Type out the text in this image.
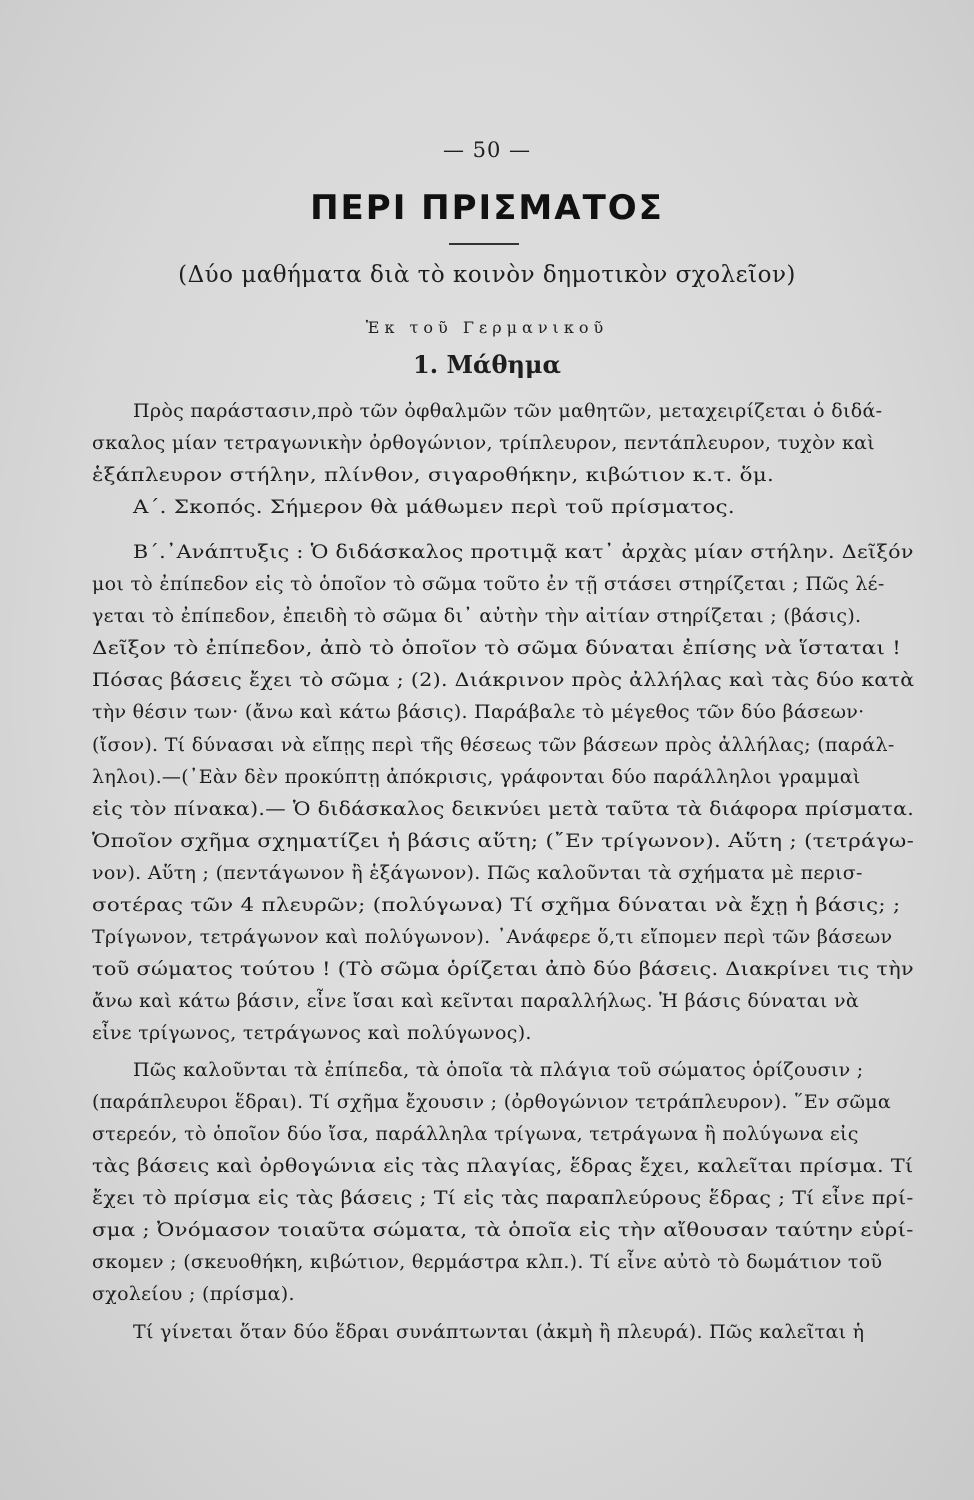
— 50 —
ΠΕΡΙ ΠΡΙΣΜΑΤΟΣ
(Δύο μαθήματα διὰ τὸ κοινὸν δημοτικὸν σχολεῖον)
Ἐκ τοῦ Γερμανικοῦ
1. Μάθημα
Πρὸς παράστασιν,πρὸ τῶν ὀφθαλμῶν τῶν μαθητῶν, μεταχειρίζεται ὁ διδά-
σκαλος μίαν τετραγωνικὴν ὀρθογώνιον, τρίπλευρον, πεντάπλευρον, τυχὸν καὶ
ἑξάπλευρον στήλην, πλίνθον, σιγαροθήκην, κιβώτιον κ.τ. ὅμ.
Α΄. Σκοπός. Σήμερον θὰ μάθωμεν περὶ τοῦ πρίσματος.
Β΄.᾿Ανάπτυξις : Ὁ διδάσκαλος προτιμᾷ κατ᾿ ἀρχὰς μίαν στήλην. Δεῖξόν
μοι τὸ ἐπίπεδον εἰς τὸ ὁποῖον τὸ σῶμα τοῦτο ἐν τῇ στάσει στηρίζεται ; Πῶς λέ-
γεται τὸ ἐπίπεδον, ἐπειδὴ τὸ σῶμα δι᾿ αὐτὴν τὴν αἰτίαν στηρίζεται ; (βάσις).
Δεῖξον τὸ ἐπίπεδον, ἀπὸ τὸ ὁποῖον τὸ σῶμα δύναται ἐπίσης νὰ ἵσταται !
Πόσας βάσεις ἔχει τὸ σῶμα ; (2). Διάκρινον πρὸς ἀλλήλας καὶ τὰς δύο κατὰ
τὴν θέσιν των· (ἄνω καὶ κάτω βάσις). Παράβαλε τὸ μέγεθος τῶν δύο βάσεων·
(ἴσον). Τί δύνασαι νὰ εἴπῃς περὶ τῆς θέσεως τῶν βάσεων πρὸς ἀλλήλας; (παράλ-
ληλοι).—(᾿Εὰν δὲν προκύπτῃ ἀπόκρισις, γράφονται δύο παράλληλοι γραμμαὶ
εἰς τὸν πίνακα).— Ὁ διδάσκαλος δεικνύει μετὰ ταῦτα τὰ διάφορα πρίσματα.
Ὁποῖον σχῆμα σχηματίζει ἡ βάσις αὕτη; (῎Εν τρίγωνον). Αὕτη ; (τετράγω-
νον). Αὕτη ; (πεντάγωνον ἢ ἑξάγωνον). Πῶς καλοῦνται τὰ σχήματα μὲ περισ-
σοτέρας τῶν 4 πλευρῶν; (πολύγωνα) Τί σχῆμα δύναται νὰ ἔχῃ ἡ βάσις; ;
Τρίγωνον, τετράγωνον καὶ πολύγωνον). ᾿Ανάφερε ὅ,τι εἴπομεν περὶ τῶν βάσεων
τοῦ σώματος τούτου ! (Τὸ σῶμα ὁρίζεται ἀπὸ δύο βάσεις. Διακρίνει τις τὴν
ἄνω καὶ κάτω βάσιν, εἶνε ἴσαι καὶ κεῖνται παραλλήλως. Ἡ βάσις δύναται νὰ
εἶνε τρίγωνος, τετράγωνος καὶ πολύγωνος).
Πῶς καλοῦνται τὰ ἐπίπεδα, τὰ ὁποῖα τὰ πλάγια τοῦ σώματος ὁρίζουσιν ;
(παράπλευροι ἕδραι). Τί σχῆμα ἔχουσιν ; (ὀρθογώνιον τετράπλευρον). ῞Εν σῶμα
στερεόν, τὸ ὁποῖον δύο ἴσα, παράλληλα τρίγωνα, τετράγωνα ἢ πολύγωνα εἰς
τὰς βάσεις καὶ ὀρθογώνια εἰς τὰς πλαγίας, ἕδρας ἔχει, καλεῖται πρίσμα. Τί
ἔχει τὸ πρίσμα εἰς τὰς βάσεις ; Τί εἰς τὰς παραπλεύρους ἕδρας ; Τί εἶνε πρί-
σμα ; Ὀνόμασον τοιαῦτα σώματα, τὰ ὁποῖα εἰς τὴν αἴθουσαν ταύτην εὑρί-
σκομεν ; (σκευοθήκη, κιβώτιον, θερμάστρα κλπ.). Τί εἶνε αὐτὸ τὸ δωμάτιον τοῦ
σχολείου ; (πρίσμα).
Τί γίνεται ὅταν δύο ἕδραι συνάπτωνται (ἀκμὴ ἢ πλευρά). Πῶς καλεῖται ἡ
